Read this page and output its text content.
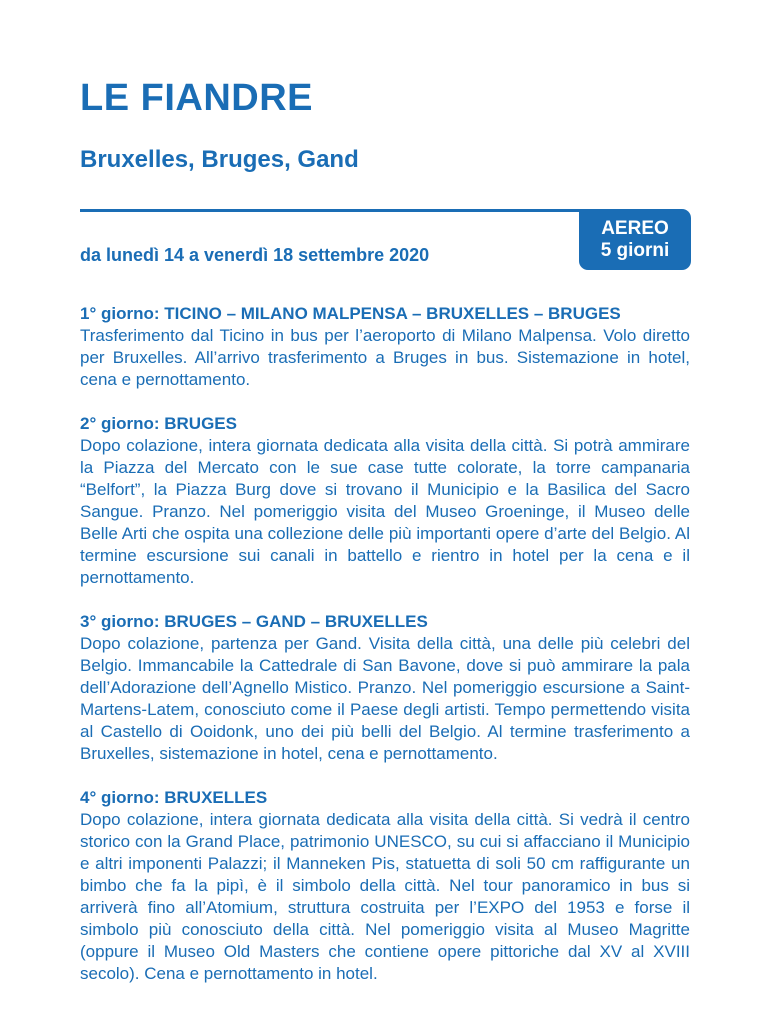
LE FIANDRE
Bruxelles, Bruges, Gand
AEREO
5 giorni

da lunedì 14 a venerdì 18 settembre 2020

1° giorno: TICINO – MILANO MALPENSA – BRUXELLES – BRUGES

Trasferimento dal Ticino in bus per l’aeroporto di Milano Malpensa. Volo diretto per Bruxelles. All’arrivo trasferimento a Bruges in bus. Sistemazione in hotel, cena e pernottamento.

2° giorno: BRUGES

Dopo colazione, intera giornata dedicata alla visita della città. Si potrà ammirare la Piazza del Mercato con le sue case tutte colorate, la torre campanaria “Belfort”, la Piazza Burg dove si trovano il Municipio e la Basilica del Sacro Sangue. Pranzo. Nel pomeriggio visita del Museo Groeninge, il Museo delle Belle Arti che ospita una collezione delle più importanti opere d’arte del Belgio. Al termine escursione sui canali in battello e rientro in hotel per la cena e il pernottamento.

3° giorno: BRUGES – GAND – BRUXELLES

Dopo colazione, partenza per Gand. Visita della città, una delle più celebri del Belgio. Immancabile la Cattedrale di San Bavone, dove si può ammirare la pala dell’Adorazione dell’Agnello Mistico. Pranzo. Nel pomeriggio escursione a Saint-Martens-Latem, conosciuto come il Paese degli artisti. Tempo permettendo visita al Castello di Ooidonk, uno dei più belli del Belgio. Al termine trasferimento a Bruxelles, sistemazione in hotel, cena e pernottamento.

4° giorno: BRUXELLES

Dopo colazione, intera giornata dedicata alla visita della città. Si vedrà il centro storico con la Grand Place, patrimonio UNESCO, su cui si affacciano il Municipio e altri imponenti Palazzi; il Manneken Pis, statuetta di soli 50 cm raffigurante un bimbo che fa la pipì, è il simbolo della città. Nel tour panoramico in bus si arriverà fino all’Atomium, struttura costruita per l’EXPO del 1953 e forse il simbolo più conosciuto della città. Nel pomeriggio visita al Museo Magritte (oppure il Museo Old Masters che contiene opere pittoriche dal XV al XVIII secolo). Cena e pernottamento in hotel.
